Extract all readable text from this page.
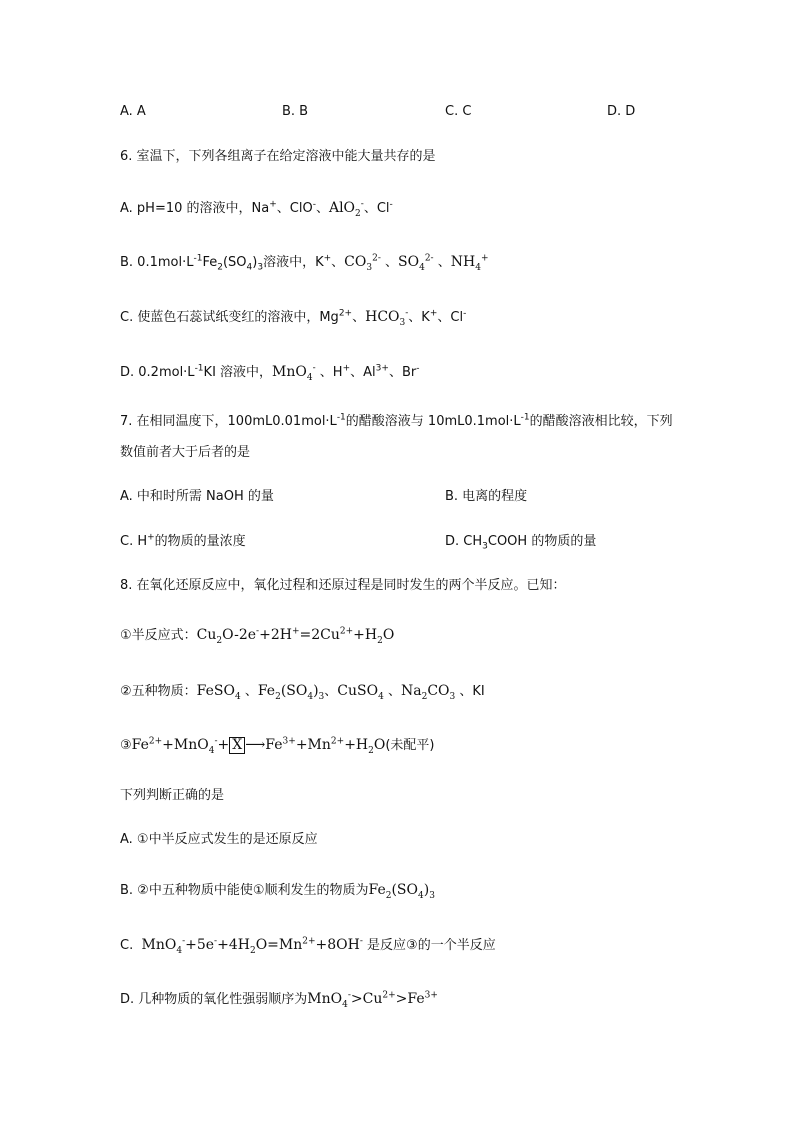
A. A	B. B	C. C	D. D
6. 室温下，下列各组离子在给定溶液中能大量共存的是
A. pH=10 的溶液中，Na+、ClO-、AlO$_2$-、Cl-
B. $0.1mol\cdot L^{-1}Fe_2(SO_4)_3$溶液中，K+、$CO_3^{2-}$ 、$SO_4^{2-}$ 、$NH_4^+$
C. 使蓝色石蕊试纸变红的溶液中，$Mg^{2+}$、$HCO_3^-$、K+、Cl-
D. $0.2mol\cdot L^{-1}KI$ 溶液中，MnO$_4$- 、H+、$Al^{3+}$、Br-
7. 在相同温度下，$100mL0.01mol\cdot L^{-1}$的醋酸溶液与 $10mL0.1mol\cdot L^{-1}$的醋酸溶液相比较，下列
数值前者大于后者的是
A. 中和时所需 NaOH 的量	B. 电离的程度
C. H+的物质的量浓度	D. $CH_3COOH$ 的物质的量
8. 在氧化还原反应中，氧化过程和还原过程是同时发生的两个半反应。已知：
①半反应式：$Cu_2O-2e^-+2H^+=2Cu^{2+}+H_2O$
②五种物质：FeSO$_4$ 、$Fe_2(SO_4)_3$、CuSO$_4$ 、$Na_2CO_3$ 、KI
$③Fe^{2+}+MnO_4^-+ X$ $⟶Fe^{3+}+Mn^{2+}+H_2O$(未配平)
下列判断正确的是
A. ①中半反应式发生的是还原反应
B. ②中五种物质中能使①顺利发生的物质为$Fe_2(SO_4)_3$
C.  $MnO_4^-+5e^-+4H_2O=Mn^{2+}+8OH^-$ 是反应③的一个半反应
D. 几种物质的氧化性强弱顺序为$MnO_4^->Cu^{2+}>Fe^{3+}$
